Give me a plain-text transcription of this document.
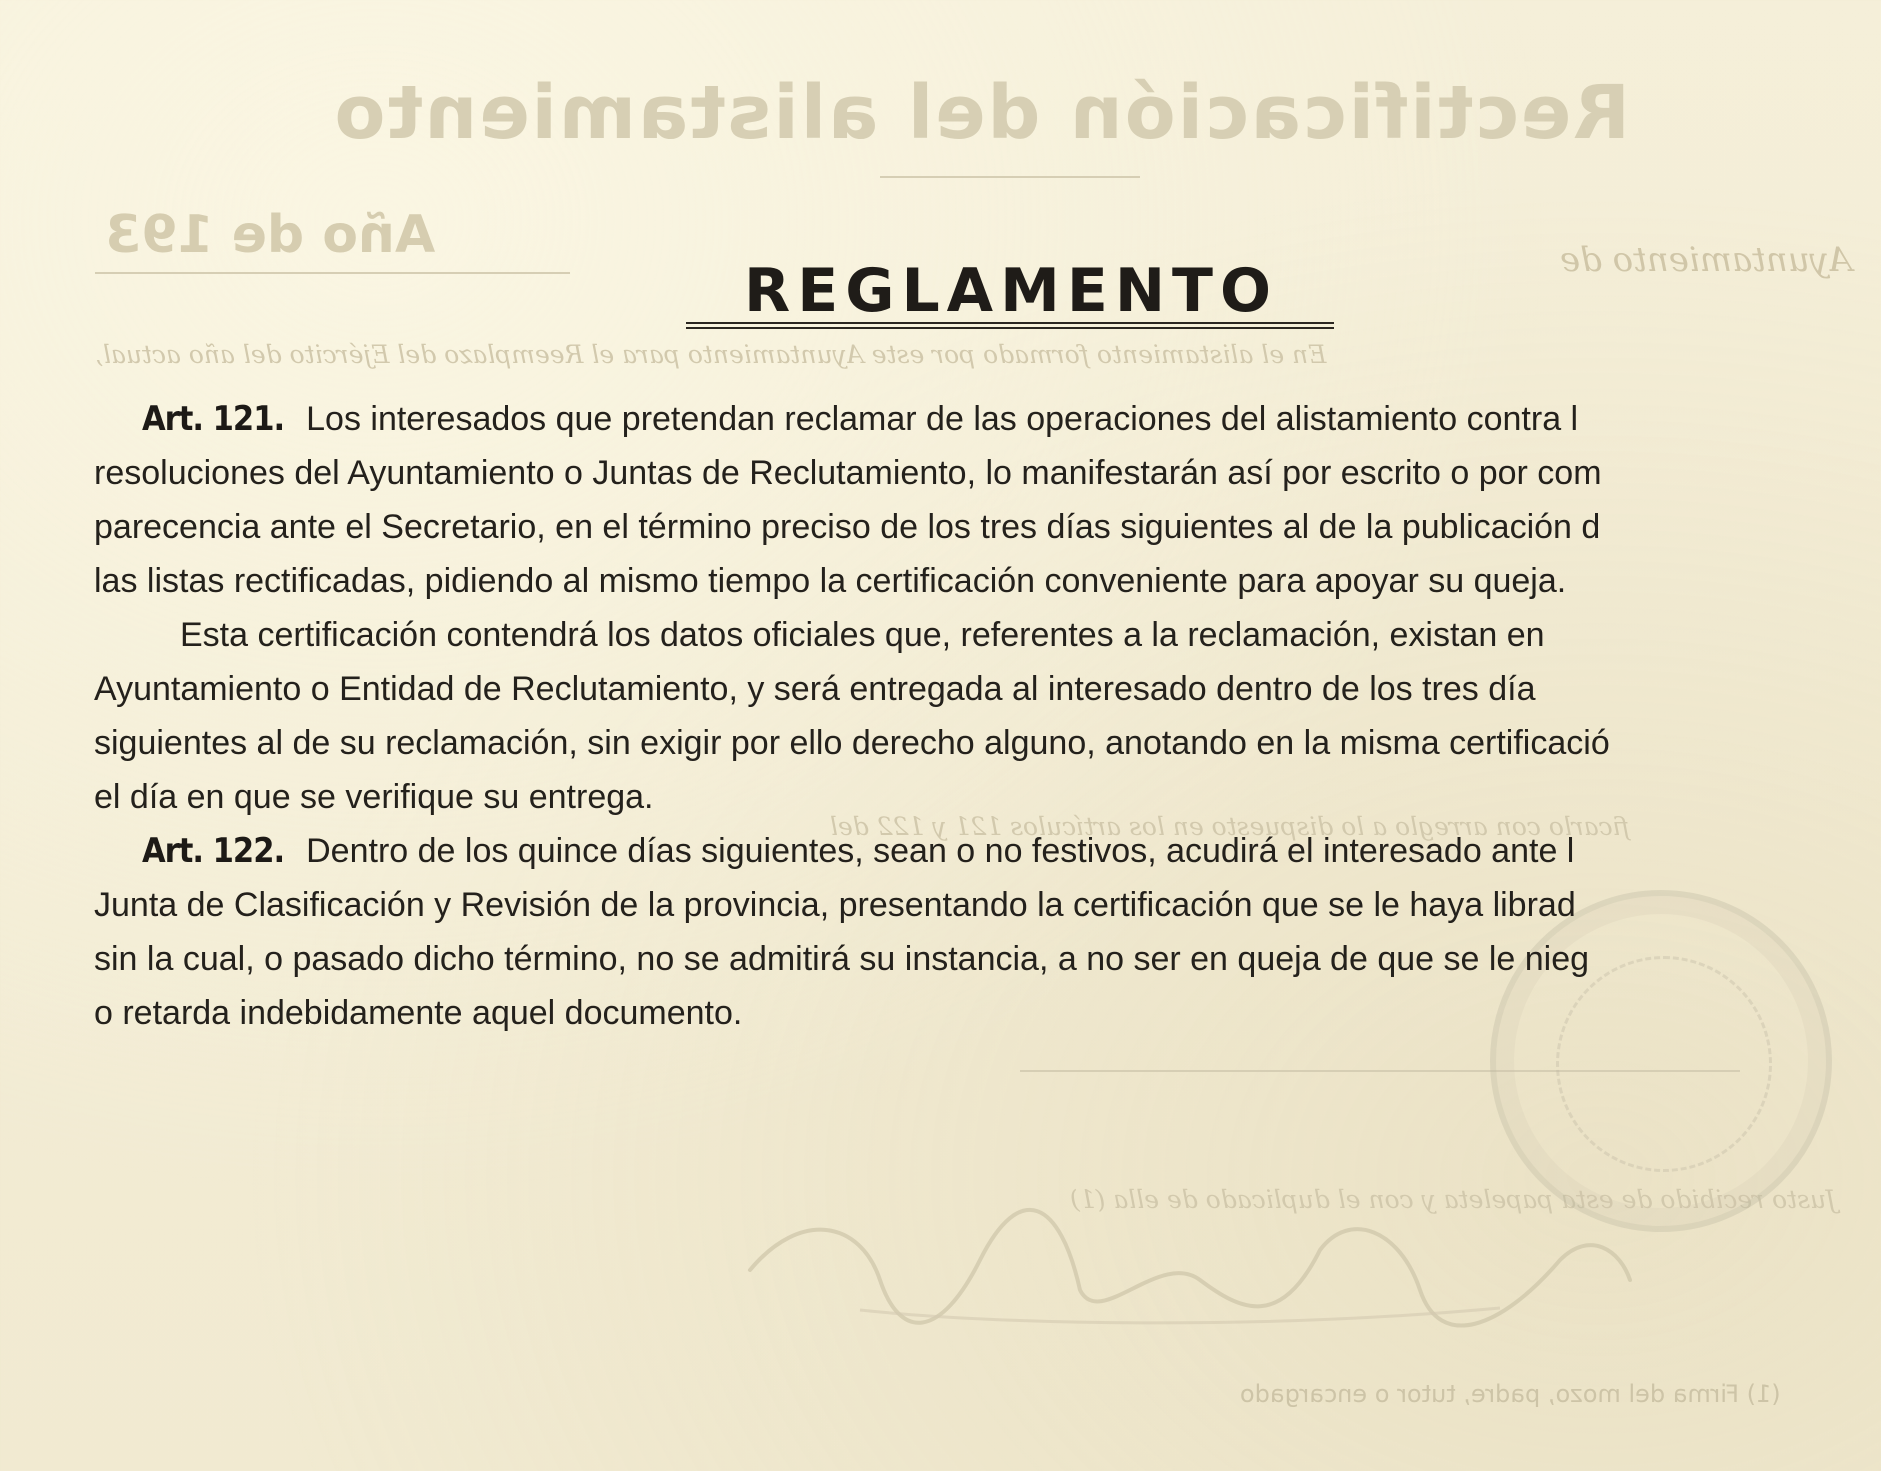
Rectificación del alistamiento
Año de 193	Ayuntamiento de
En el alistamiento formado por este Ayuntamiento para el Reemplazo del Ejército del año actual,
ficarlo con arreglo a lo dispuesto en los artículos 121 y 122 del
Justo recibido de esta papeleta y con el duplicado de ella (1)
(1) Firma del mozo, padre, tutor o encargado
REGLAMENTO
Art. 121. Los interesados que pretendan reclamar de las operaciones del alistamiento contra l
resoluciones del Ayuntamiento o Juntas de Reclutamiento, lo manifestarán así por escrito o por com
parecencia ante el Secretario, en el término preciso de los tres días siguientes al de la publicación d
las listas rectificadas, pidiendo al mismo tiempo la certificación conveniente para apoyar su queja.
Esta certificación contendrá los datos oficiales que, referentes a la reclamación, existan en
Ayuntamiento o Entidad de Reclutamiento, y será entregada al interesado dentro de los tres día
siguientes al de su reclamación, sin exigir por ello derecho alguno, anotando en la misma certificació
el día en que se verifique su entrega.
Art. 122. Dentro de los quince días siguientes, sean o no festivos, acudirá el interesado ante l
Junta de Clasificación y Revisión de la provincia, presentando la certificación que se le haya librad
sin la cual, o pasado dicho término, no se admitirá su instancia, a no ser en queja de que se le nieg
o retarda indebidamente aquel documento.
